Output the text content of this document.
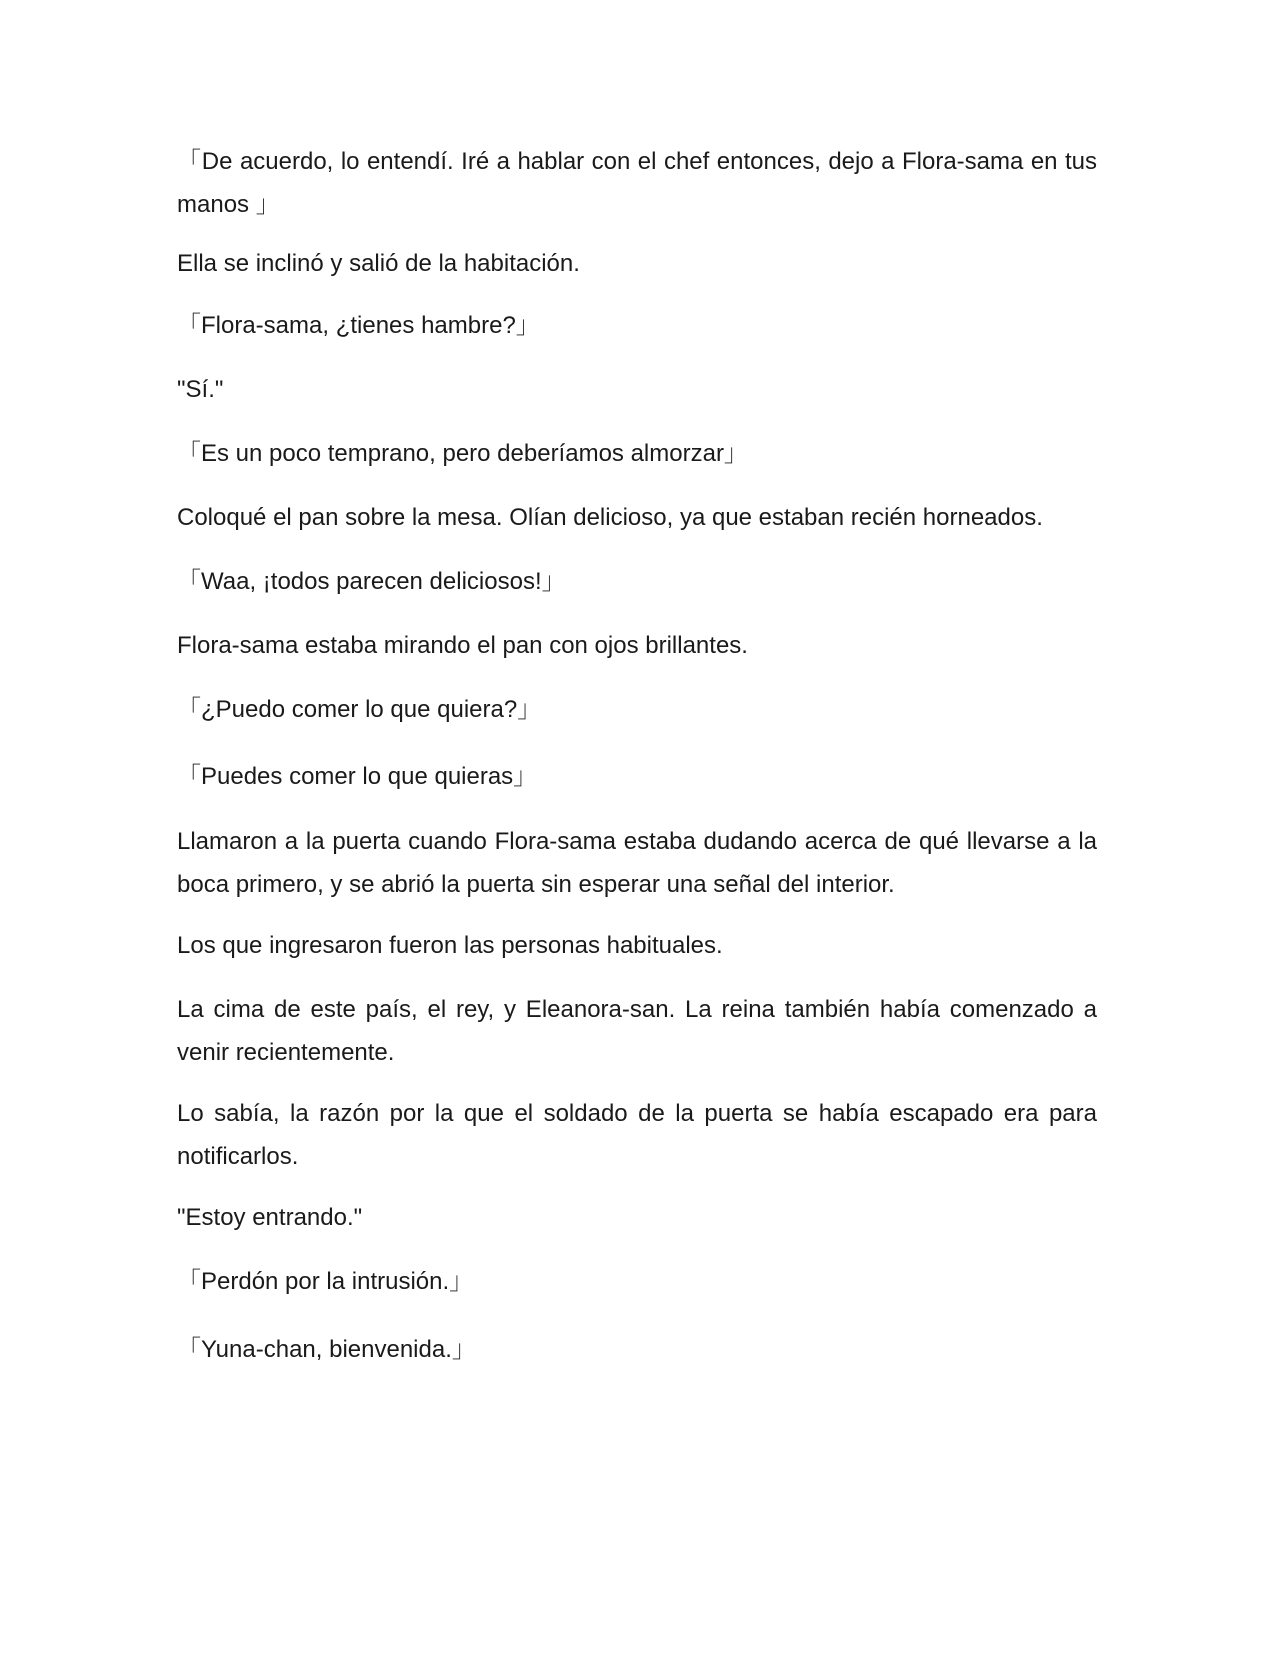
「De acuerdo, lo entendí. Iré a hablar con el chef entonces, dejo a Flora-sama en tus manos 」

Ella se inclinó y salió de la habitación.

「Flora-sama, ¿tienes hambre?」

"Sí."

「Es un poco temprano, pero deberíamos almorzar」

Coloqué el pan sobre la mesa. Olían delicioso, ya que estaban recién horneados.

「Waa, ¡todos parecen deliciosos!」

Flora-sama estaba mirando el pan con ojos brillantes.

「¿Puedo comer lo que quiera?」

「Puedes comer lo que quieras」

Llamaron a la puerta cuando Flora-sama estaba dudando acerca de qué llevarse a la boca primero, y se abrió la puerta sin esperar una señal del interior.

Los que ingresaron fueron las personas habituales.

La cima de este país, el rey, y Eleanora-san. La reina también había comenzado a venir recientemente.

Lo sabía, la razón por la que el soldado de la puerta se había escapado era para notificarlos.

"Estoy entrando."

「Perdón por la intrusión.」

「Yuna-chan, bienvenida.」
